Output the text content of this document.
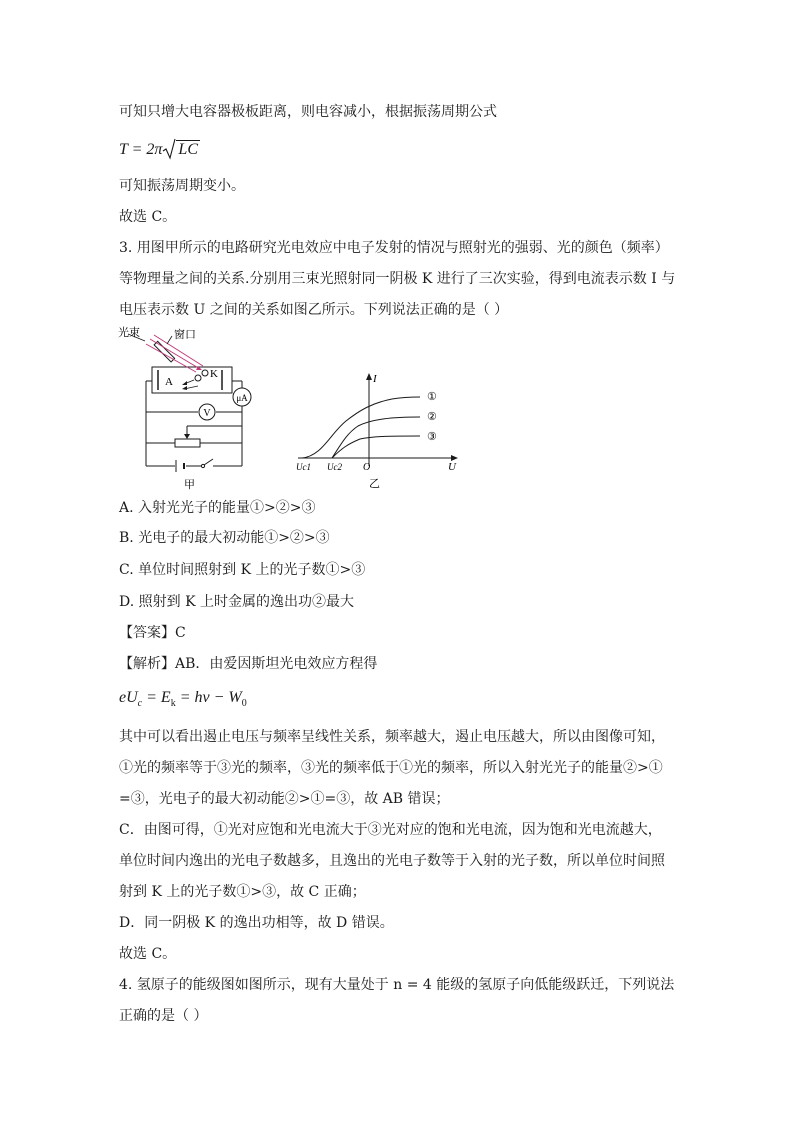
可知只增大电容器极板距离，则电容减小，根据振荡周期公式
T = 2π LC
可知振荡周期变小。
故选 C。
3. 用图甲所示的电路研究光电效应中电子发射的情况与照射光的强弱、光的颜色（频率）
等物理量之间的关系.分别用三束光照射同一阴极 K 进行了三次实验，得到电流表示数 I 与
电压表示数 U 之间的关系如图乙所示。下列说法正确的是（ ）
V
μA
光束	窗口
A
K
甲
①
②
③
I
U
O
Uc1 Uc2
乙
A. 入射光光子的能量①>②>③
B. 光电子的最大初动能①>②>③
C. 单位时间照射到 K 上的光子数①>③
D. 照射到 K 上时金属的逸出功②最大
【答案】C
【解析】AB．由爱因斯坦光电效应方程得
$eU_c = E_k = h\nu - W_0$
其中可以看出遏止电压与频率呈线性关系，频率越大，遏止电压越大，所以由图像可知，
①光的频率等于③光的频率，③光的频率低于①光的频率，所以入射光光子的能量②>①
=③，光电子的最大初动能②>①=③，故 AB 错误；
C．由图可得，①光对应饱和光电流大于③光对应的饱和光电流，因为饱和光电流越大，
单位时间内逸出的光电子数越多，且逸出的光电子数等于入射的光子数，所以单位时间照
射到 K 上的光子数①>③，故 C 正确；
D．同一阴极 K 的逸出功相等，故 D 错误。
故选 C。
4. 氢原子的能级图如图所示，现有大量处于 n = 4 能级的氢原子向低能级跃迁，下列说法
正确的是（ ）
